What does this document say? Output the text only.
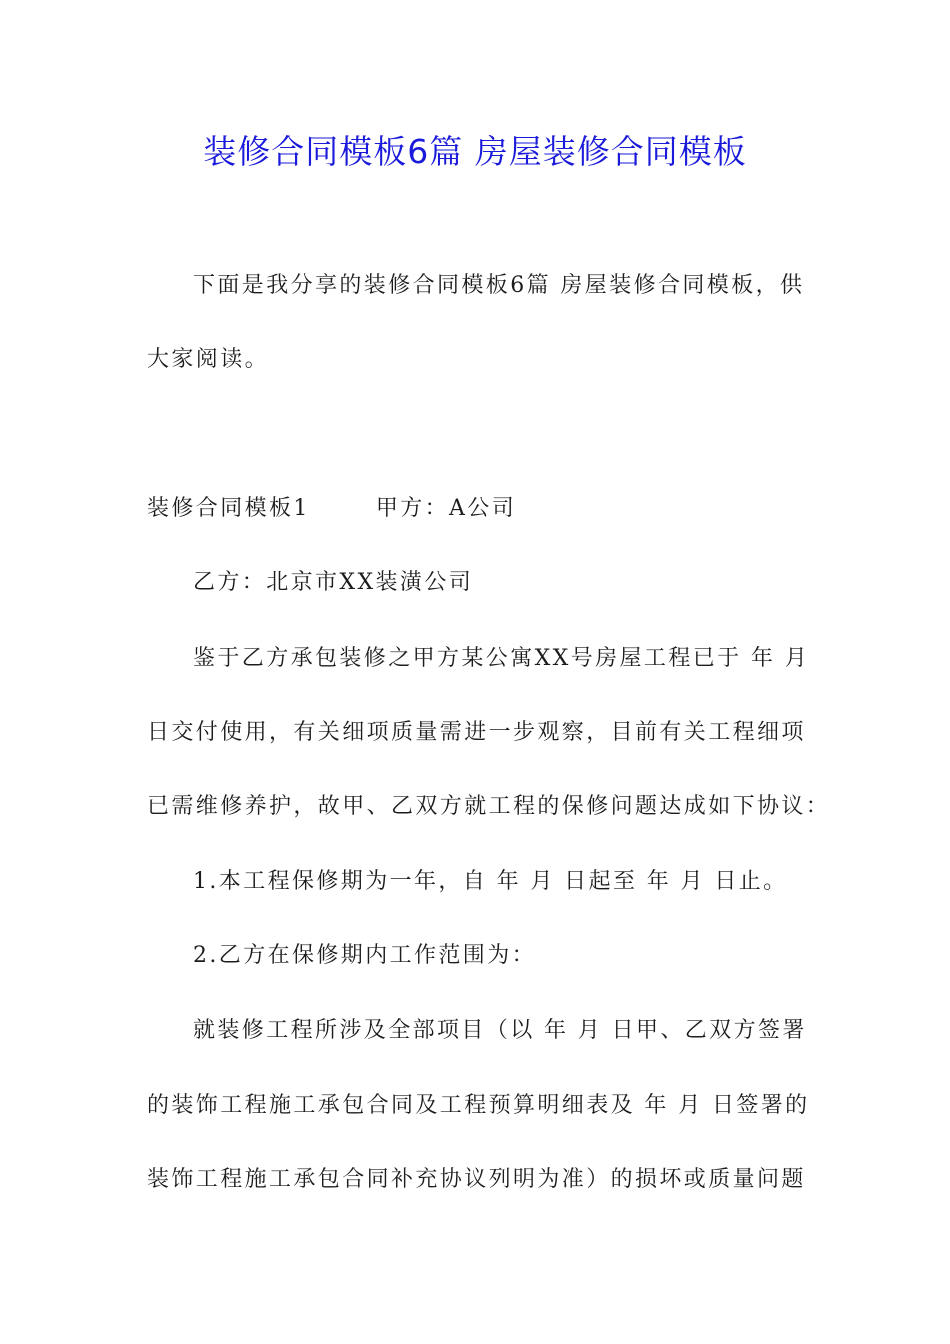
装修合同模板6篇 房屋装修合同模板
下面是我分享的装修合同模板6篇 房屋装修合同模板，供
大家阅读。
装修合同模板1	甲方：A公司
乙方：北京市XX装潢公司
鉴于乙方承包装修之甲方某公寓XX号房屋工程已于 年 月
日交付使用，有关细项质量需进一步观察，目前有关工程细项
已需维修养护，故甲、乙双方就工程的保修问题达成如下协议：
1.本工程保修期为一年，自 年 月 日起至 年 月 日止。
2.乙方在保修期内工作范围为：
就装修工程所涉及全部项目（以 年 月 日甲、乙双方签署
的装饰工程施工承包合同及工程预算明细表及 年 月 日签署的
装饰工程施工承包合同补充协议列明为准）的损坏或质量问题
